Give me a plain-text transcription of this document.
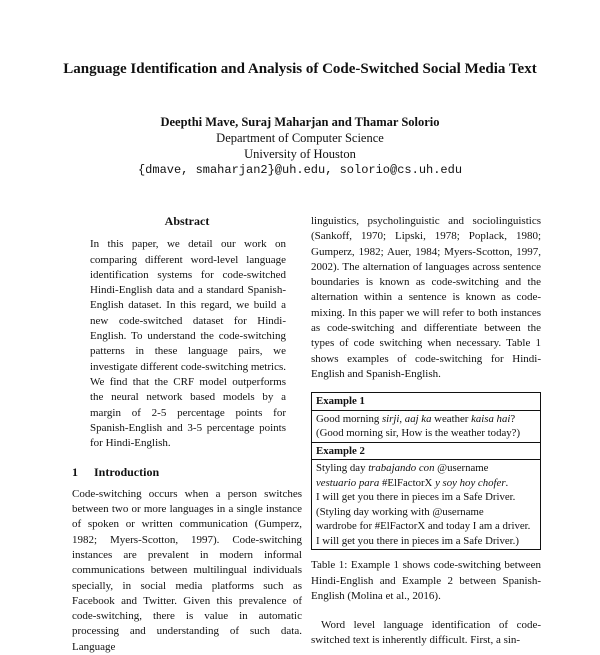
Language Identification and Analysis of Code-Switched Social Media Text
Deepthi Mave, Suraj Maharjan and Thamar Solorio
Department of Computer Science
University of Houston
{dmave, smaharjan2}@uh.edu, solorio@cs.uh.edu
Abstract

In this paper, we detail our work on comparing different word-level language identification systems for code-switched Hindi-English data and a standard Spanish-English dataset. In this regard, we build a new code-switched dataset for Hindi-English. To understand the code-switching patterns in these language pairs, we investigate different code-switching metrics. We find that the CRF model outperforms the neural network based models by a margin of 2-5 percentage points for Spanish-English and 3-5 percentage points for Hindi-English.

1 Introduction

Code-switching occurs when a person switches between two or more languages in a single instance of spoken or written communication (Gumperz, 1982; Myers-Scotton, 1997). Code-switching instances are prevalent in modern informal communications between multilingual individuals specially, in social media platforms such as Facebook and Twitter. Given this prevalence of code-switching, there is value in automatic processing and understanding of such data. Language

linguistics, psycholinguistic and sociolinguistics (Sankoff, 1970; Lipski, 1978; Poplack, 1980; Gumperz, 1982; Auer, 1984; Myers-Scotton, 1997, 2002). The alternation of languages across sentence boundaries is known as code-switching and the alternation within a sentence is known as code-mixing. In this paper we will refer to both instances as code-switching and differentiate between the types of code switching when necessary. Table 1 shows examples of code-switching for Hindi-English and Spanish-English.

Example 1
Good morning sirji, aaj ka weather kaisa hai?
(Good morning sir, How is the weather today?)
Example 2
Styling day trabajando con @username
vestuario para #ElFactorX y soy hoy chofer.
I will get you there in pieces im a Safe Driver.
(Styling day working with @username
wardrobe for #ElFactorX and today I am a driver.
I will get you there in pieces im a Safe Driver.)

Table 1: Example 1 shows code-switching between Hindi-English and Example 2 between Spanish-English (Molina et al., 2016).

Word level language identification of code-switched text is inherently difficult. First, a sin-
